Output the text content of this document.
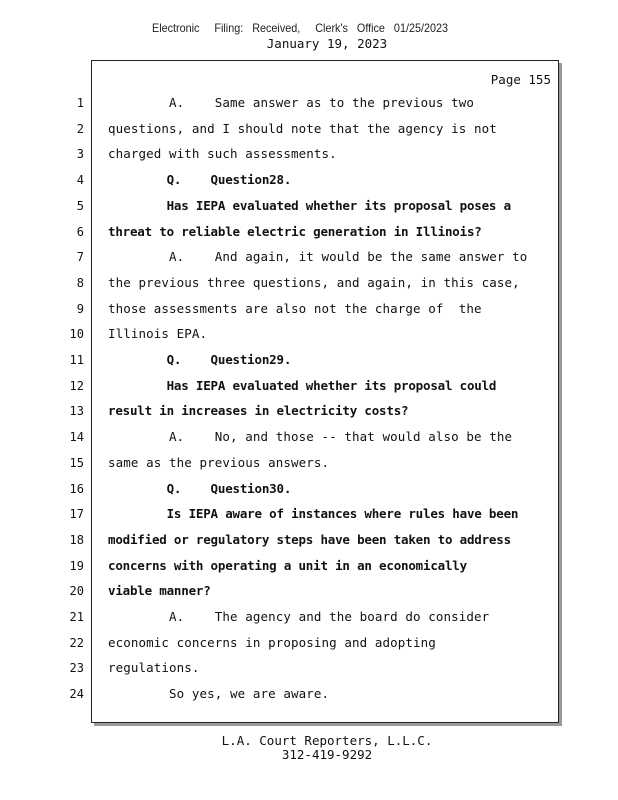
Electronic     Filing:   Received,     Clerk's   Office   01/25/2023
January 19, 2023
Page 155
1 A.    Same answer as to the previous two
2 questions, and I should note that the agency is not
3 charged with such assessments.
4 Q.    Question28.
5 Has IEPA evaluated whether its proposal poses a
6 threat to reliable electric generation in Illinois?
7 A.    And again, it would be the same answer to
8 the previous three questions, and again, in this case,
9 those assessments are also not the charge of  the
10 Illinois EPA.
11 Q.    Question29.
12 Has IEPA evaluated whether its proposal could
13 result in increases in electricity costs?
14 A.    No, and those -- that would also be the
15 same as the previous answers.
16 Q.    Question30.
17 Is IEPA aware of instances where rules have been
18 modified or regulatory steps have been taken to address
19 concerns with operating a unit in an economically
20 viable manner?
21 A.    The agency and the board do consider
22 economic concerns in proposing and adopting
23 regulations.
24 So yes, we are aware.
L.A. Court Reporters, L.L.C.
312-419-9292
